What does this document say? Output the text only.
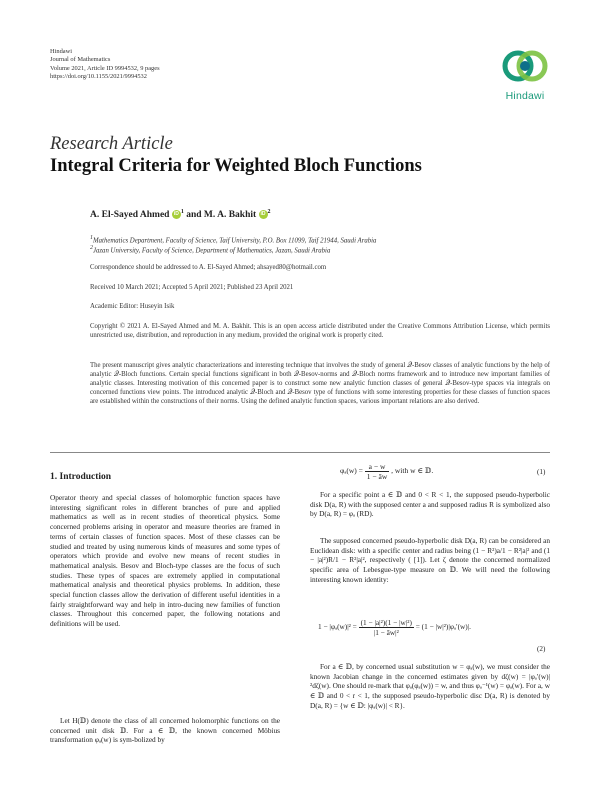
Hindawi
Journal of Mathematics
Volume 2021, Article ID 9994532, 9 pages
https://doi.org/10.1155/2021/9994532
Hindawi
Research Article
Integral Criteria for Weighted Bloch Functions
A. El-Sayed Ahmed iD $^1$ and M. A. Bakhit iD $^2$
$^1$Mathematics Department, Faculty of Science, Taif University, P.O. Box 11099, Taif 21944, Saudi Arabia
$^2$Jazan University, Faculty of Science, Department of Mathematics, Jazan, Saudi Arabia
Correspondence should be addressed to A. El-Sayed Ahmed; ahsayed80@hotmail.com
Received 10 March 2021; Accepted 5 April 2021; Published 23 April 2021
Academic Editor: Huseyin Isik
Copyright © 2021 A. El-Sayed Ahmed and M. A. Bakhit. This is an open access article distributed under the Creative Commons Attribution License, which permits unrestricted use, distribution, and reproduction in any medium, provided the original work is properly cited.
The present manuscript gives analytic characterizations and interesting technique that involves the study of general 𝒬-Besov classes of analytic functions by the help of analytic 𝒬-Bloch functions. Certain special functions significant in both 𝒬-Besov-norms and 𝒬-Bloch norms framework and to introduce new important families of analytic classes. Interesting motivation of this concerned paper is to construct some new analytic function classes of general 𝒬-Besov-type spaces via integrals on concerned functions view points. The introduced analytic 𝒬-Bloch and 𝒬-Besov type of functions with some interesting properties for these classes of function spaces are established within the constructions of their norms. Using the defined analytic function spaces, various important relations are also derived.
1. Introduction
Operator theory and special classes of holomorphic function spaces have interesting significant roles in different branches of pure and applied mathematics as well as in recent studies of theoretical physics. Some concerned problems arising in operator and measure theories are framed in terms of certain classes of function spaces. Most of these classes can be studied and treated by using numerous kinds of measures and some types of operators which provide and evolve new means of recent studies in mathematical analysis. Besov and Bloch-type classes are the focus of such studies. These types of spaces are extremely applied in computational mathematical analysis and theoretical physics problems. In addition, these special function classes allow the derivation of different useful identities in a fairly straightforward way and help in intro-ducing new families of function classes. Throughout this concerned paper, the following notations and definitions will be used.
Let H(𝔻) denote the class of all concerned holomorphic functions on the concerned unit disk 𝔻. For a ∈ 𝔻, the known concerned Möbius transformation φₐ(w) is sym-bolized by
$\varphi_a(w) = \frac{a - w}{1 - āw}$ , with w ∈ 𝔻.	(1)
For a specific point a ∈ 𝔻 and 0 < R < 1, the supposed pseudo-hyperbolic disk D(a, R) with the supposed center a and supposed radius R is symbolized also by D(a, R) = φₐ (RD).
The supposed concerned pseudo-hyperbolic disk D(a, R) can be considered an Euclidean disk: with a specific center and radius being (1 − R²)a/1 − R²|a|² and (1 − |a|²)R/1 − R²|a|², respectively ( [1]). Let ζ denote the concerned normalized specific area of Lebesgue-type measure on 𝔻. We will need the following interesting known identity:
$1 - |\varphi_a(w)|^2 = \frac{\text{(1 − |a|²)(1 − |w|²)}}{\text{|1 − āw|²}} = (1 - |w|^2)|\varphi_a'(w)|$.
(2)
For a ∈ 𝔻, by concerned usual substitution w = φₐ(w), we must consider the known Jacobian change in the concerned estimates given by dζ(w) = |φₐ′(w)|²dζ(w). One should re-mark that φₐ(φₐ(w)) = w, and thus φₐ⁻¹(w) = φₐ(w). For a, w ∈ 𝔻 and 0 < r < 1, the supposed pseudo-hyperbolic disc D(a, R) is denoted by D(a, R) = {w ∈ 𝔻: |φₐ(w)| < R}.
